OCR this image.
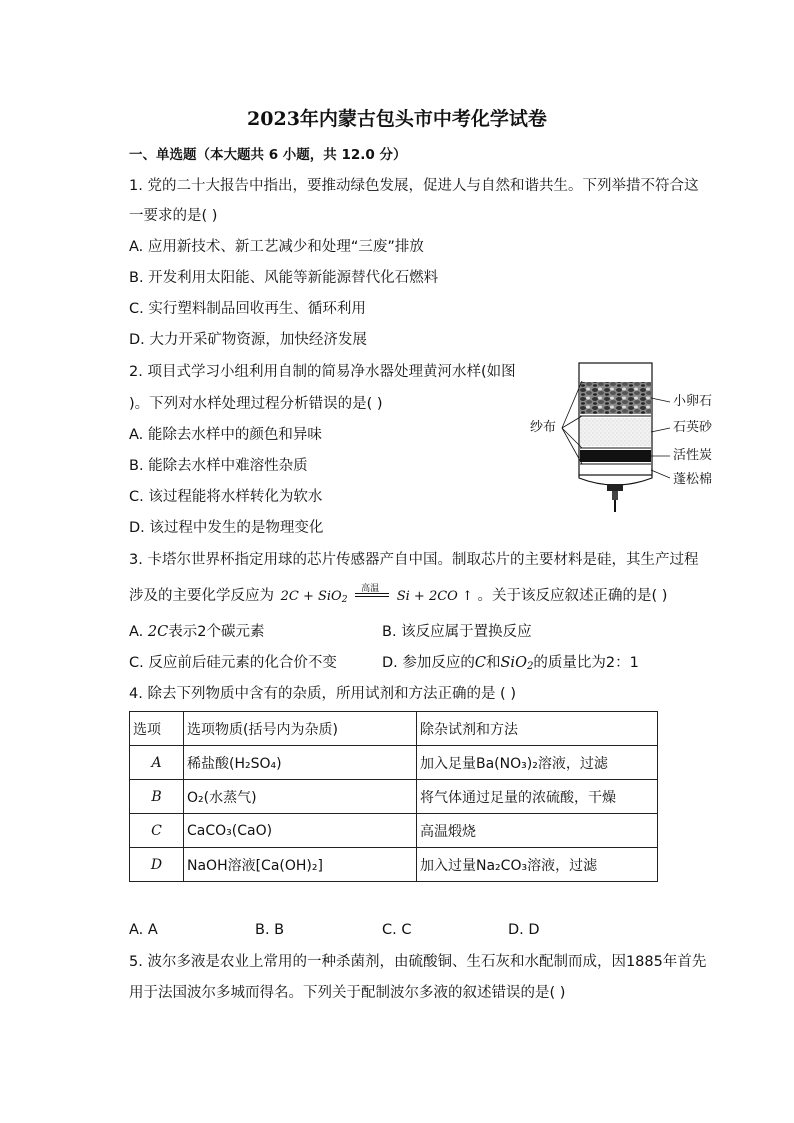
2023年内蒙古包头市中考化学试卷
一、单选题（本大题共 6 小题，共 12.0 分）
1. 党的二十大报告中指出，要推动绿色发展，促进人与自然和谐共生。下列举措不符合这
一要求的是( )
A. 应用新技术、新工艺减少和处理“三废”排放
B. 开发利用太阳能、风能等新能源替代化石燃料
C. 实行塑料制品回收再生、循环利用
D. 大力开采矿物资源，加快经济发展
2. 项目式学习小组利用自制的简易净水器处理黄河水样(如图
)。下列对水样处理过程分析错误的是( )
A. 能除去水样中的颜色和异味
B. 能除去水样中难溶性杂质
C. 该过程能将水样转化为软水
D. 该过程中发生的是物理变化
纱布
小卵石
石英砂
活性炭
蓬松棉
3. 卡塔尔世界杯指定用球的芯片传感器产自中国。制取芯片的主要材料是硅，其生产过程
涉及的主要化学反应为 2C + SiO$_2$
高温 Si + 2CO ↑ 。关于该反应叙述正确的是( )
A. 2C表示2个碳元素	B. 该反应属于置换反应
C. 反应前后硅元素的化合价不变	D. 参加反应的C和SiO$_2$的质量比为2：1
4. 除去下列物质中含有的杂质，所用试剂和方法正确的是 ( )
选项	选项物质(括号内为杂质)	除杂试剂和方法
A	稀盐酸(H₂SO₄)	加入足量Ba(NO₃)₂溶液，过滤
B	O₂(水蒸气)	将气体通过足量的浓硫酸，干燥
C	CaCO₃(CaO)	高温煅烧
D	NaOH溶液[Ca(OH)₂]	加入过量Na₂CO₃溶液，过滤
A. A	B. B	C. C	D. D
5. 波尔多液是农业上常用的一种杀菌剂，由硫酸铜、生石灰和水配制而成，因1885年首先
用于法国波尔多城而得名。下列关于配制波尔多液的叙述错误的是( )
